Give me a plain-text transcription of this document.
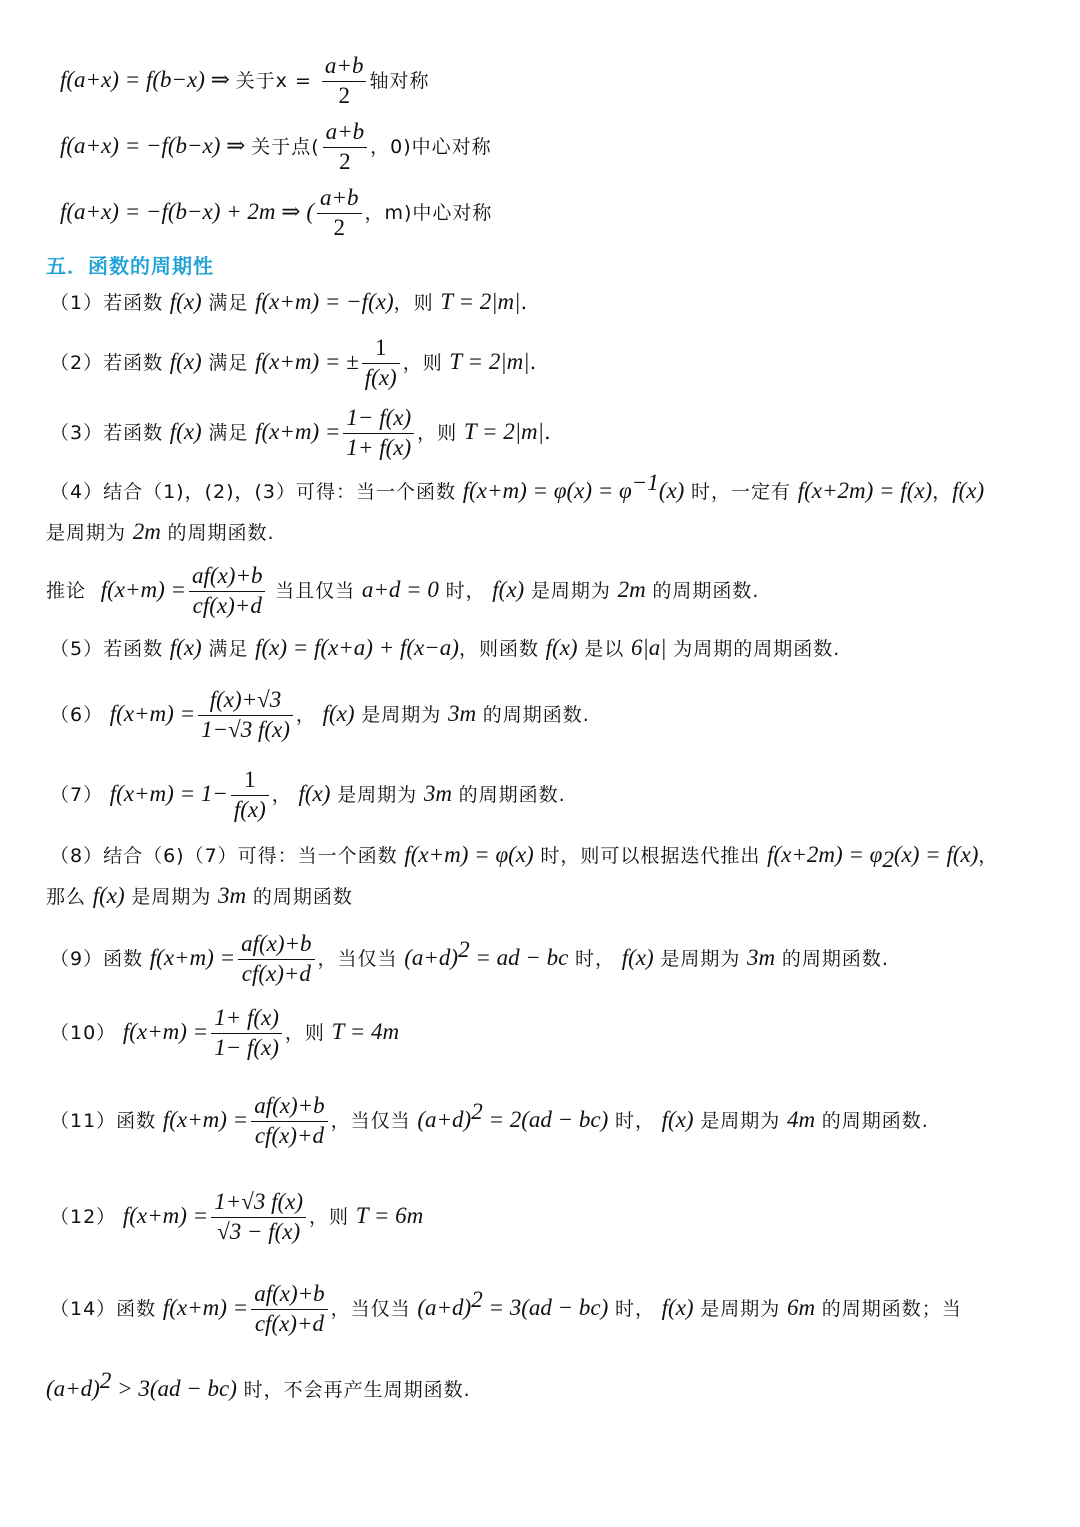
f(a+x) = f(b−x) ⇒ 关于$x = \frac{a+b}{2}$ 轴对称
f(a+x) = −f(b−x) ⇒ 关于点( $\frac{a+b}{2}$ ，0)中心对称
f(a+x) = −f(b−x) + 2m ⇒ ( $\frac{a+b}{2}$ ，m)中心对称
五．函数的周期性
（1）若函数 f(x) 满足 f(x+m) = −f(x)，则 T = 2|m|.
（2）若函数 f(x) 满足 f(x+m) = ± $\frac{1}{f(x)}$ ，则 T = 2|m|.
（3）若函数 f(x) 满足 $f(x+m) = \frac{1- f(x)}{1+ f(x)}$ ，则 T = 2|m|.
（4）结合（1)，(2)，(3）可得：当一个函数 $f(x+m) = \varphi(x) = \varphi^{-1}(x)$ 时，一定有 f(x+2m) = f(x)，f(x)
是周期为 2m 的周期函数.
推论 $f(x+m) = \frac{af(x)+b}{cf(x)+d}$ 当且仅当 a+d = 0 时， f(x) 是周期为 2m 的周期函数.
（5）若函数 f(x) 满足 f(x) = f(x+a) + f(x−a)，则函数 f(x) 是以 6|a| 为周期的周期函数.
（6） $f(x+m) = \frac{f(x)+√3}{1-√3 f(x)}$ ， f(x) 是周期为 3m 的周期函数.
（7） $f(x+m) = 1- \frac{1}{f(x)}$ ， f(x) 是周期为 3m 的周期函数.
（8）结合（6)（7）可得：当一个函数 f(x+m) = φ(x) 时，则可以根据迭代推出 $f(x+2m) = \varphi_2(x) = f(x)$，
那么 f(x) 是周期为 3m 的周期函数
（9）函数 $f(x+m) = \frac{af(x)+b}{cf(x)+d}$ ，当仅当 $(a+d)^2$ = ad − bc 时， f(x) 是周期为 3m 的周期函数.
（10） $f(x+m) = \frac{1+ f(x)}{1- f(x)}$ ，则 T = 4m
（11）函数 $f(x+m) = \frac{af(x)+b}{cf(x)+d}$ ，当仅当 $(a+d)^2 = 2(ad - bc)$ 时， f(x) 是周期为 4m 的周期函数.
（12） $f(x+m) = \frac{1+√3 f(x)}{√3 - f(x)}$ ，则 T = 6m
（14）函数 $f(x+m) = \frac{af(x)+b}{cf(x)+d}$ ，当仅当 $(a+d)^2 = 3(ad - bc)$ 时， f(x) 是周期为 6m 的周期函数；当
$(a+d)^2 > 3(ad - bc)$ 时，不会再产生周期函数.
